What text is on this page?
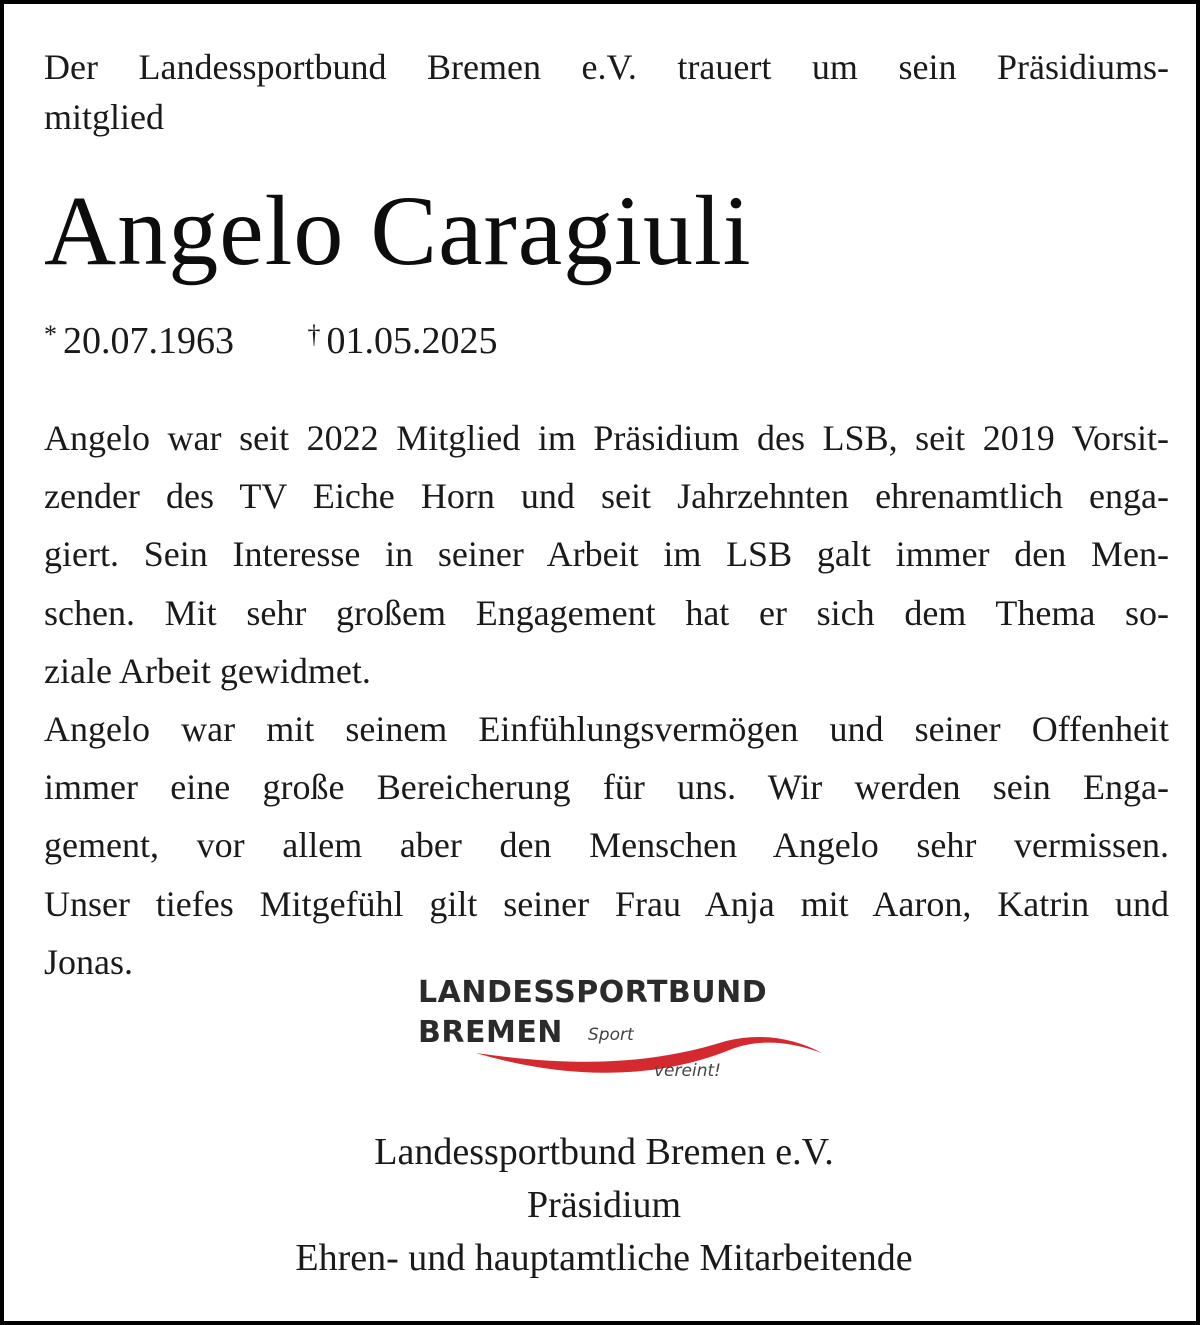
Der Landessportbund Bremen e.V. trauert um sein Präsidiums-
mitglied
Angelo Caragiuli
* 20.07.1963	† 01.05.2025
Angelo war seit 2022 Mitglied im Präsidium des LSB, seit 2019 Vorsit-
zender des TV Eiche Horn und seit Jahrzehnten ehrenamtlich enga-
giert. Sein Interesse in seiner Arbeit im LSB galt immer den Men-
schen. Mit sehr großem Engagement hat er sich dem Thema so-
ziale Arbeit gewidmet.
Angelo war mit seinem Einfühlungsvermögen und seiner Offenheit
immer eine große Bereicherung für uns. Wir werden sein Enga-
gement, vor allem aber den Menschen Angelo sehr vermissen.
Unser tiefes Mitgefühl gilt seiner Frau Anja mit Aaron, Katrin und
Jonas.
LANDESSPORTBUND
BREMEN Sport
vereint!
Landessportbund Bremen e.V.
Präsidium
Ehren- und hauptamtliche Mitarbeitende
